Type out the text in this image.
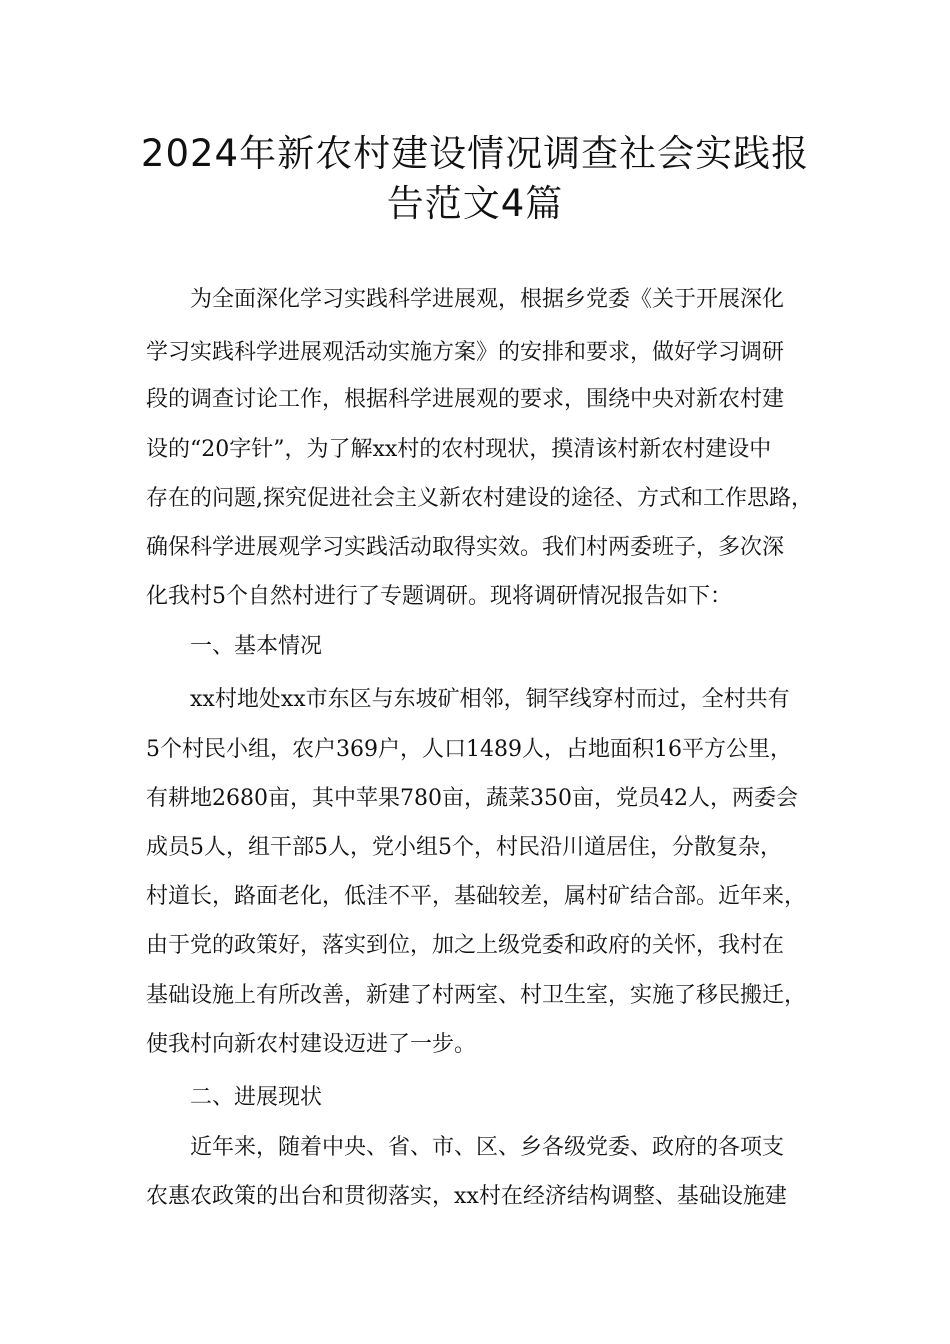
2024年新农村建设情况调查社会实践报
告范文4篇
为全面深化学习实践科学进展观，根据乡党委《关于开展深化
学习实践科学进展观活动实施方案》的安排和要求，做好学习调研
段的调查讨论工作，根据科学进展观的要求，围绕中央对新农村建
设的“20字针”，为了解xx村的农村现状，摸清该村新农村建设中
存在的问题,探究促进社会主义新农村建设的途径、方式和工作思路，
确保科学进展观学习实践活动取得实效。我们村两委班子，多次深
化我村5个自然村进行了专题调研。现将调研情况报告如下：
一、基本情况
xx村地处xx市东区与东坡矿相邻，铜罕线穿村而过，全村共有
5个村民小组，农户369户，人口1489人，占地面积16平方公里，
有耕地2680亩，其中苹果780亩，蔬菜350亩，党员42人，两委会
成员5人，组干部5人，党小组5个，村民沿川道居住，分散复杂，
村道长，路面老化，低洼不平，基础较差，属村矿结合部。近年来，
由于党的政策好，落实到位，加之上级党委和政府的关怀，我村在
基础设施上有所改善，新建了村两室、村卫生室，实施了移民搬迁，
使我村向新农村建设迈进了一步。
二、进展现状
近年来，随着中央、省、市、区、乡各级党委、政府的各项支
农惠农政策的出台和贯彻落实，xx村在经济结构调整、基础设施建
